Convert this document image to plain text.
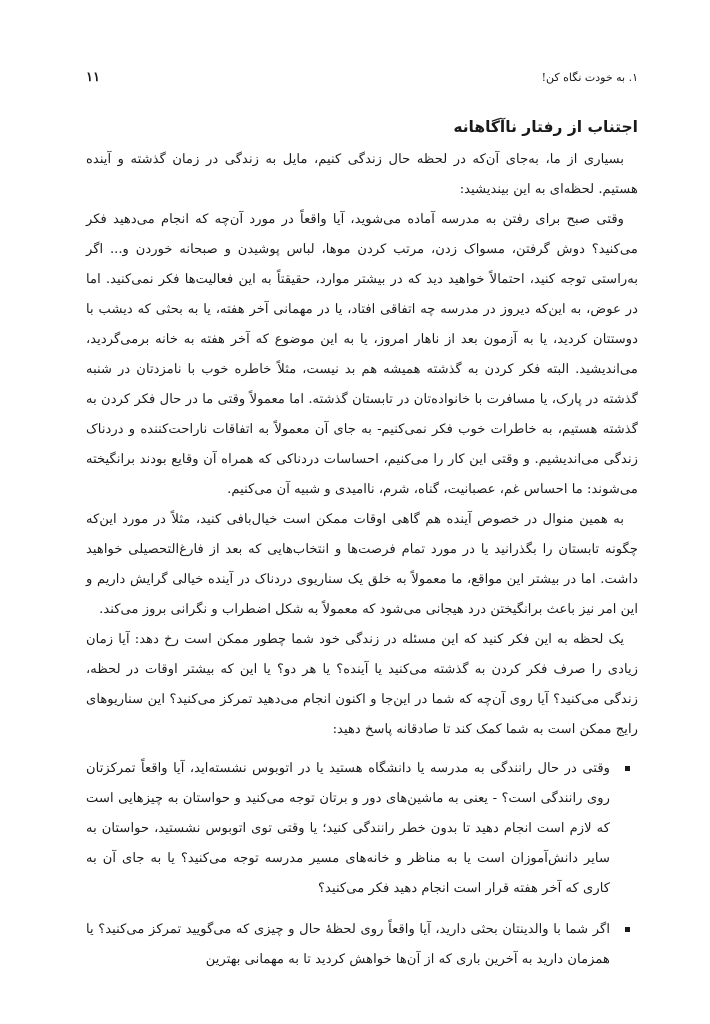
۱. به خودت نگاه کن!
۱۱
اجتناب از رفتار ناآگاهانه

بسیاری از ما، به‌جای آن‌که در لحظه حال زندگی کنیم، مایل به زندگی در زمان گذشته و آینده هستیم. لحظه‌ای به این بیندیشید:

وقتی صبح برای رفتن به مدرسه آماده می‌شوید، آیا واقعاً در مورد آن‌چه که انجام می‌دهید فکر می‌کنید؟ دوش گرفتن، مسواک زدن، مرتب کردن موها، لباس پوشیدن و صبحانه خوردن و... اگر به‌راستی توجه کنید، احتمالاً خواهید دید که در بیشتر موارد، حقیقتاً به این فعالیت‌ها فکر نمی‌کنید. اما در عوض، به این‌که دیروز در مدرسه چه اتفاقی افتاد، یا در مهمانی آخر هفته، یا به بحثی که دیشب با دوستتان کردید، یا به آزمون بعد از ناهار امروز، یا به این موضوع که آخر هفته به خانه برمی‌گردید، می‌اندیشید. البته فکر کردن به گذشته همیشه هم بد نیست، مثلاً خاطره خوب با نامزدتان در شنبه گذشته در پارک، یا مسافرت با خانواده‌تان در تابستان گذشته. اما معمولاً وقتی ما در حال فکر کردن به گذشته هستیم، به خاطرات خوب فکر نمی‌کنیم- به جای آن معمولاً به اتفاقات ناراحت‌کننده و دردناک زندگی می‌اندیشیم. و وقتی این کار را می‌کنیم، احساسات دردناکی که همراه آن وقایع بودند برانگیخته می‌شوند: ما احساس غم، عصبانیت، گناه، شرم، ناامیدی و شبیه آن می‌کنیم.

به همین منوال در خصوص آینده هم گاهی اوقات ممکن است خیال‌بافی کنید، مثلاً در مورد این‌که چگونه تابستان را بگذرانید یا در مورد تمام فرصت‌ها و انتخاب‌هایی که بعد از فارغ‌التحصیلی خواهید داشت. اما در بیشتر این مواقع، ما معمولاً به خلق یک سناریوی دردناک در آینده خیالی گرایش داریم و این امر نیز باعث برانگیختن درد هیجانی می‌شود که معمولاً به شکل اضطراب و نگرانی بروز می‌کند.

یک لحظه به این فکر کنید که این مسئله در زندگی خود شما چطور ممکن است رخ دهد: آیا زمان زیادی را صرف فکر کردن به گذشته می‌کنید یا آینده؟ یا هر دو؟ یا این که بیشتر اوقات در لحظه، زندگی می‌کنید؟ آیا روی آن‌چه که شما در این‌جا و اکنون انجام می‌دهید تمرکز می‌کنید؟ این سناریوهای رایج ممکن است به شما کمک کند تا صادقانه پاسخ دهید:

وقتی در حال رانندگی به مدرسه یا دانشگاه هستید یا در اتوبوس نشسته‌اید، آیا واقعاً تمرکزتان روی رانندگی است؟ - یعنی به ماشین‌های دور و برتان توجه می‌کنید و حواستان به چیزهایی است که لازم است انجام دهید تا بدون خطر رانندگی کنید؛ یا وقتی توی اتوبوس نشستید، حواستان به سایر دانش‌آموزان است یا به مناظر و خانه‌های مسیر مدرسه توجه می‌کنید؟ یا به جای آن به کاری که آخر هفته قرار است انجام دهید فکر می‌کنید؟
اگر شما با والدینتان بحثی دارید، آیا واقعاً روی لحظهٔ حال و چیزی که می‌گویید تمرکز می‌کنید؟ یا همزمان دارید به آخرین باری که از آن‌ها خواهش کردید تا به مهمانی بهترین
